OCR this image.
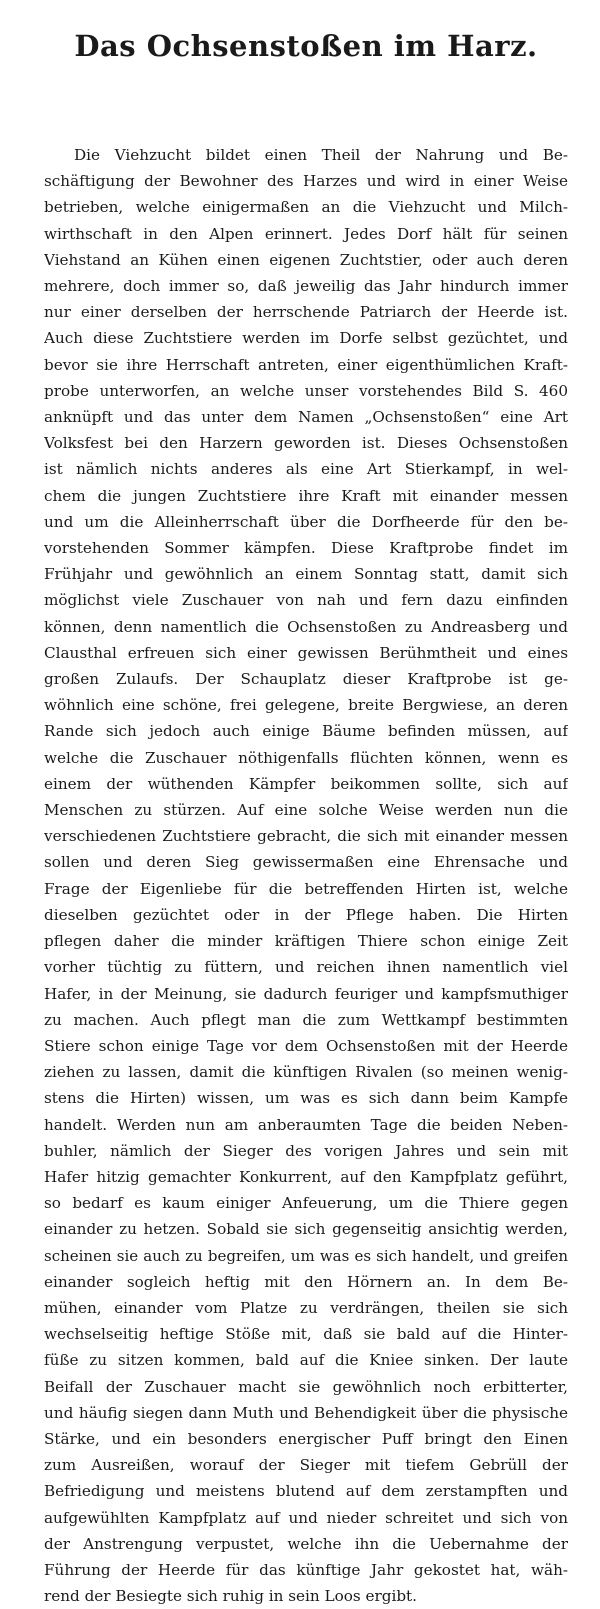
Das Ochsenstoßen im Harz.
Die Viehzucht bildet einen Theil der Nahrung und Be-
schäftigung der Bewohner des Harzes und wird in einer Weise
betrieben, welche einigermaßen an die Viehzucht und Milch-
wirthschaft in den Alpen erinnert. Jedes Dorf hält für seinen
Viehstand an Kühen einen eigenen Zuchtstier, oder auch deren
mehrere, doch immer so, daß jeweilig das Jahr hindurch immer
nur einer derselben der herrschende Patriarch der Heerde ist.
Auch diese Zuchtstiere werden im Dorfe selbst gezüchtet, und
bevor sie ihre Herrschaft antreten, einer eigenthümlichen Kraft-
probe unterworfen, an welche unser vorstehendes Bild S. 460
anknüpft und das unter dem Namen „Ochsenstoßen“ eine Art
Volksfest bei den Harzern geworden ist. Dieses Ochsenstoßen
ist nämlich nichts anderes als eine Art Stierkampf, in wel-
chem die jungen Zuchtstiere ihre Kraft mit einander messen
und um die Alleinherrschaft über die Dorfheerde für den be-
vorstehenden Sommer kämpfen. Diese Kraftprobe findet im
Frühjahr und gewöhnlich an einem Sonntag statt, damit sich
möglichst viele Zuschauer von nah und fern dazu einfinden
können, denn namentlich die Ochsenstoßen zu Andreasberg und
Clausthal erfreuen sich einer gewissen Berühmtheit und eines
großen Zulaufs. Der Schauplatz dieser Kraftprobe ist ge-
wöhnlich eine schöne, frei gelegene, breite Bergwiese, an deren
Rande sich jedoch auch einige Bäume befinden müssen, auf
welche die Zuschauer nöthigenfalls flüchten können, wenn es
einem der wüthenden Kämpfer beikommen sollte, sich auf
Menschen zu stürzen. Auf eine solche Weise werden nun die
verschiedenen Zuchtstiere gebracht, die sich mit einander messen
sollen und deren Sieg gewissermaßen eine Ehrensache und
Frage der Eigenliebe für die betreffenden Hirten ist, welche
dieselben gezüchtet oder in der Pflege haben. Die Hirten
pflegen daher die minder kräftigen Thiere schon einige Zeit
vorher tüchtig zu füttern, und reichen ihnen namentlich viel
Hafer, in der Meinung, sie dadurch feuriger und kampfsmuthiger
zu machen. Auch pflegt man die zum Wettkampf bestimmten
Stiere schon einige Tage vor dem Ochsenstoßen mit der Heerde
ziehen zu lassen, damit die künftigen Rivalen (so meinen wenig-
stens die Hirten) wissen, um was es sich dann beim Kampfe
handelt. Werden nun am anberaumten Tage die beiden Neben-
buhler, nämlich der Sieger des vorigen Jahres und sein mit
Hafer hitzig gemachter Konkurrent, auf den Kampfplatz geführt,
so bedarf es kaum einiger Anfeuerung, um die Thiere gegen
einander zu hetzen. Sobald sie sich gegenseitig ansichtig werden,
scheinen sie auch zu begreifen, um was es sich handelt, und greifen
einander sogleich heftig mit den Hörnern an. In dem Be-
mühen, einander vom Platze zu verdrängen, theilen sie sich
wechselseitig heftige Stöße mit, daß sie bald auf die Hinter-
füße zu sitzen kommen, bald auf die Kniee sinken. Der laute
Beifall der Zuschauer macht sie gewöhnlich noch erbitterter,
und häufig siegen dann Muth und Behendigkeit über die physische
Stärke, und ein besonders energischer Puff bringt den Einen
zum Ausreißen, worauf der Sieger mit tiefem Gebrüll der
Befriedigung und meistens blutend auf dem zerstampften und
aufgewühlten Kampfplatz auf und nieder schreitet und sich von
der Anstrengung verpustet, welche ihn die Uebernahme der
Führung der Heerde für das künftige Jahr gekostet hat, wäh-
rend der Besiegte sich ruhig in sein Loos ergibt.
